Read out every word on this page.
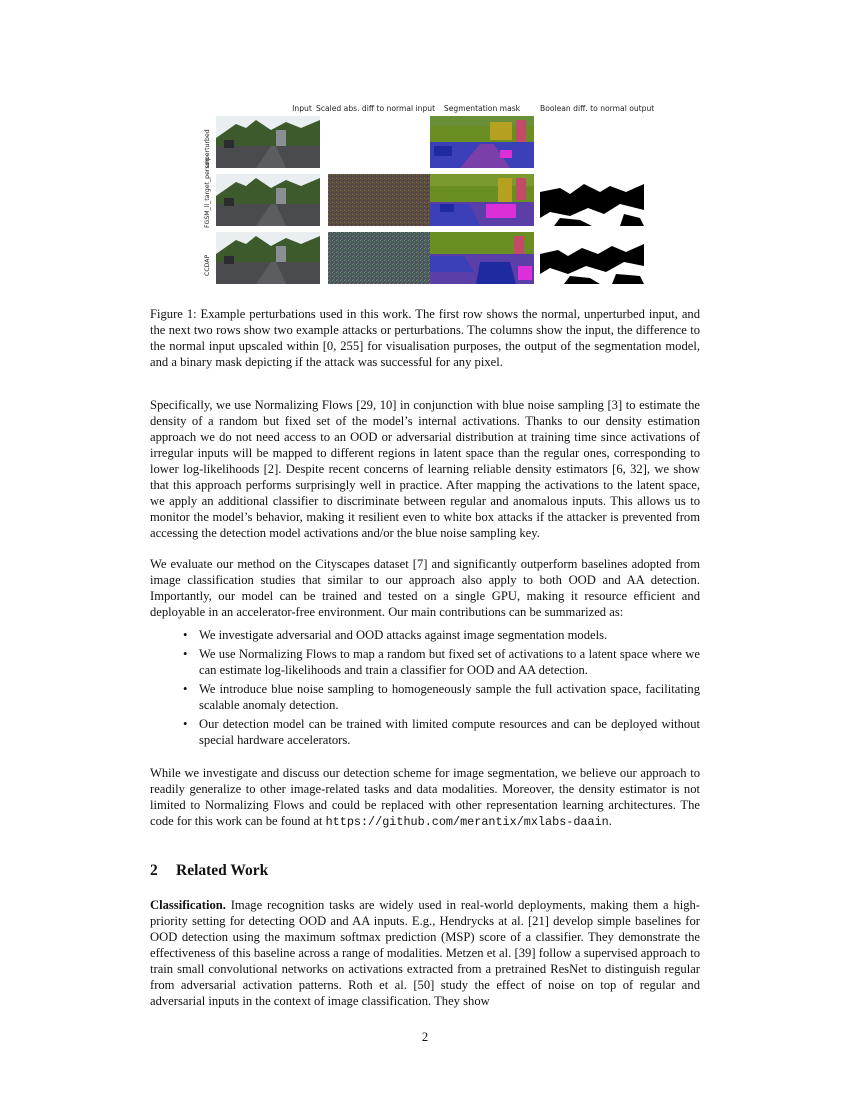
Input Scaled abs. diff to normal input	Segmentation mask	Boolean diff. to normal output
unperturbed
FGSM_ll_target_person
CCDAP

Figure 1: Example perturbations used in this work. The first row shows the normal, unperturbed input, and the next two rows show two example attacks or perturbations. The columns show the input, the difference to the normal input upscaled within [0, 255] for visualisation purposes, the output of the segmentation model, and a binary mask depicting if the attack was successful for any pixel.

Specifically, we use Normalizing Flows [29, 10] in conjunction with blue noise sampling [3] to estimate the density of a random but fixed set of the model’s internal activations. Thanks to our density estimation approach we do not need access to an OOD or adversarial distribution at training time since activations of irregular inputs will be mapped to different regions in latent space than the regular ones, corresponding to lower log-likelihoods [2]. Despite recent concerns of learning reliable density estimators [6, 32], we show that this approach performs surprisingly well in practice. After mapping the activations to the latent space, we apply an additional classifier to discriminate between regular and anomalous inputs. This allows us to monitor the model’s behavior, making it resilient even to white box attacks if the attacker is prevented from accessing the detection model activations and/or the blue noise sampling key.

We evaluate our method on the Cityscapes dataset [7] and significantly outperform baselines adopted from image classification studies that similar to our approach also apply to both OOD and AA detection. Importantly, our model can be trained and tested on a single GPU, making it resource efficient and deployable in an accelerator-free environment. Our main contributions can be summarized as:

• We investigate adversarial and OOD attacks against image segmentation models.
• We use Normalizing Flows to map a random but fixed set of activations to a latent space where we can estimate log-likelihoods and train a classifier for OOD and AA detection.
• We introduce blue noise sampling to homogeneously sample the full activation space, facilitating scalable anomaly detection.
• Our detection model can be trained with limited compute resources and can be deployed without special hardware accelerators.

While we investigate and discuss our detection scheme for image segmentation, we believe our approach to readily generalize to other image-related tasks and data modalities. Moreover, the density estimator is not limited to Normalizing Flows and could be replaced with other representation learning architectures. The code for this work can be found at https://github.com/merantix/mxlabs-daain.

2 Related Work

Classification. Image recognition tasks are widely used in real-world deployments, making them a high-priority setting for detecting OOD and AA inputs. E.g., Hendrycks at al. [21] develop simple baselines for OOD detection using the maximum softmax prediction (MSP) score of a classifier. They demonstrate the effectiveness of this baseline across a range of modalities. Metzen et al. [39] follow a supervised approach to train small convolutional networks on activations extracted from a pretrained ResNet to distinguish regular from adversarial activation patterns. Roth et al. [50] study the effect of noise on top of regular and adversarial inputs in the context of image classification. They show

2
